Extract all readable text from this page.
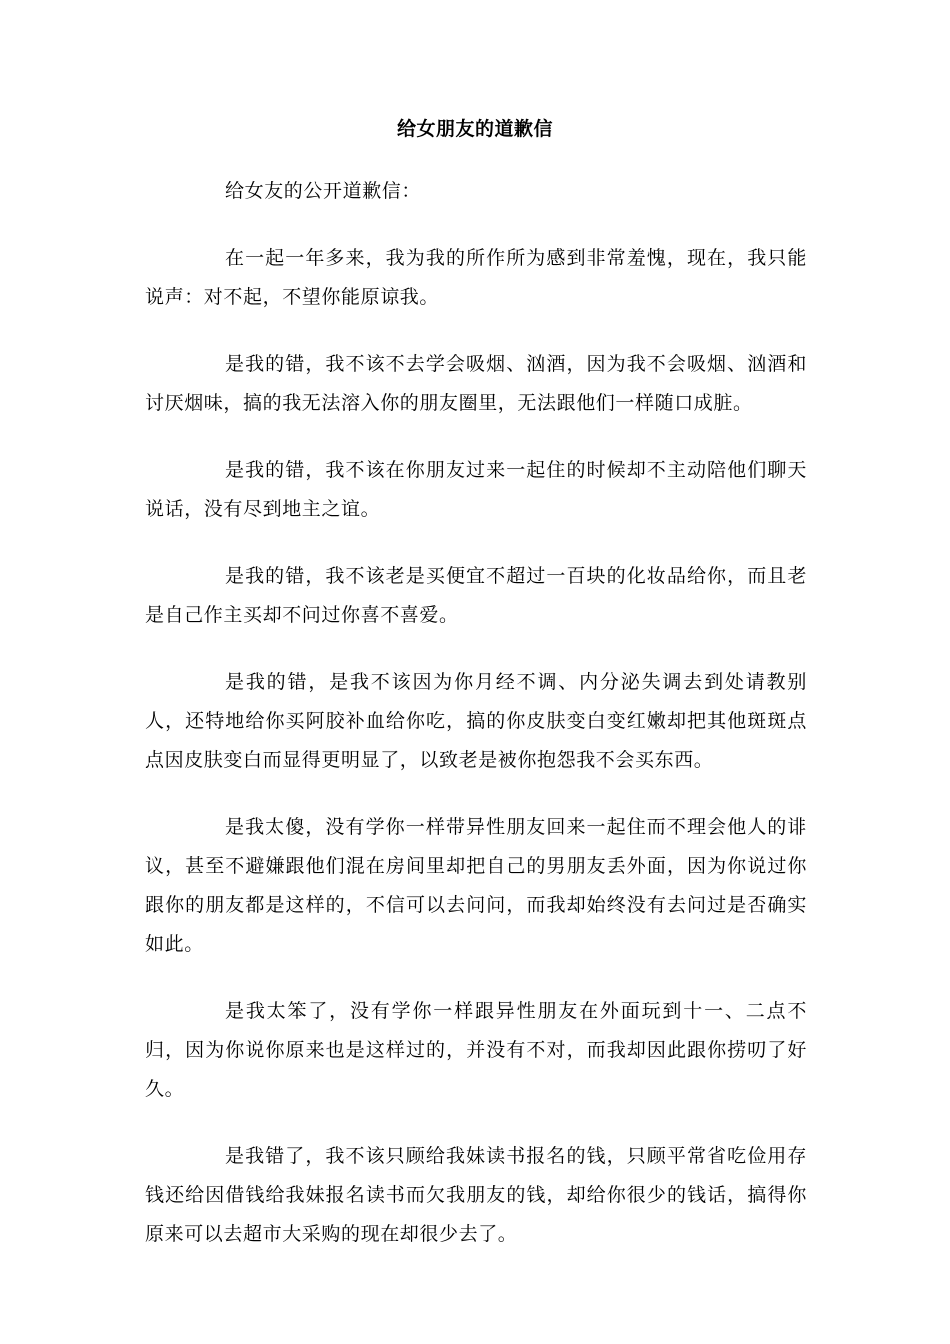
给女朋友的道歉信

给女友的公开道歉信：

在一起一年多来，我为我的所作所为感到非常羞愧，现在，我只能说声：对不起，不望你能原谅我。

是我的错，我不该不去学会吸烟、汹酒，因为我不会吸烟、汹酒和讨厌烟味，搞的我无法溶入你的朋友圈里，无法跟他们一样随口成脏。

是我的错，我不该在你朋友过来一起住的时候却不主动陪他们聊天说话，没有尽到地主之谊。

是我的错，我不该老是买便宜不超过一百块的化妆品给你，而且老是自己作主买却不问过你喜不喜爱。

是我的错，是我不该因为你月经不调、内分泌失调去到处请教别人，还特地给你买阿胶补血给你吃，搞的你皮肤变白变红嫩却把其他斑斑点点因皮肤变白而显得更明显了，以致老是被你抱怨我不会买东西。

是我太傻，没有学你一样带异性朋友回来一起住而不理会他人的诽议，甚至不避嫌跟他们混在房间里却把自己的男朋友丢外面，因为你说过你跟你的朋友都是这样的，不信可以去问问，而我却始终没有去问过是否确实如此。

是我太笨了，没有学你一样跟异性朋友在外面玩到十一、二点不归，因为你说你原来也是这样过的，并没有不对，而我却因此跟你捞叨了好久。

是我错了，我不该只顾给我妹读书报名的钱，只顾平常省吃俭用存钱还给因借钱给我妹报名读书而欠我朋友的钱，却给你很少的钱话，搞得你原来可以去超市大采购的现在却很少去了。
